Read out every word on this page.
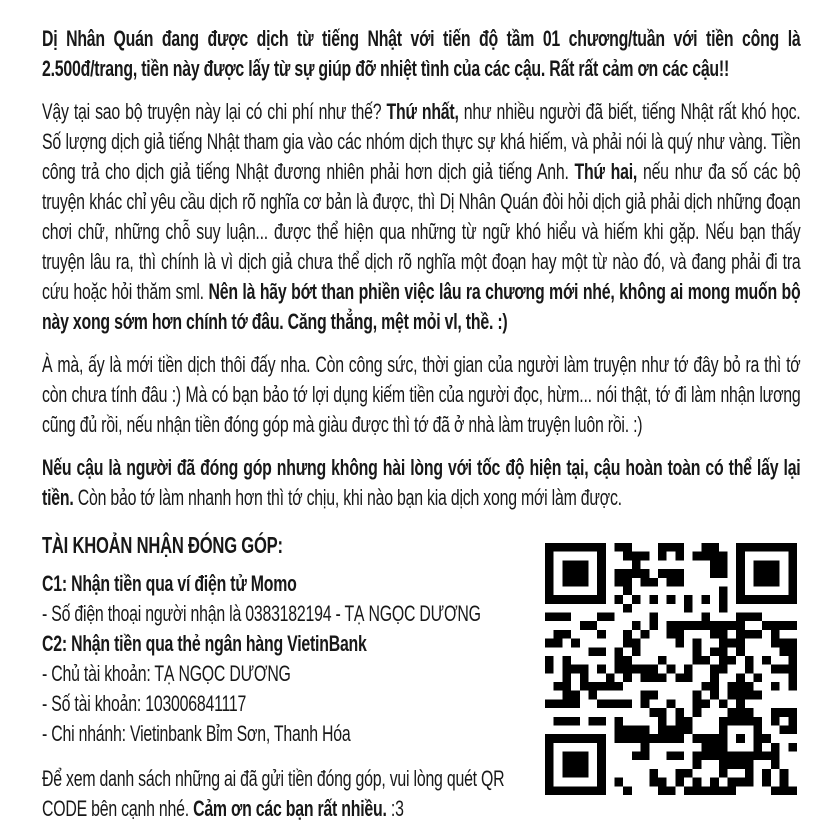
Dị Nhân Quán đang được dịch từ tiếng Nhật với tiến độ tầm 01 chương/tuần với tiền công là 2.500đ/trang, tiền này được lấy từ sự giúp đỡ nhiệt tình của các cậu. Rất rất cảm ơn các cậu!!

Vậy tại sao bộ truyện này lại có chi phí như thế? Thứ nhất, như nhiều người đã biết, tiếng Nhật rất khó học. Số lượng dịch giả tiếng Nhật tham gia vào các nhóm dịch thực sự khá hiếm, và phải nói là quý như vàng. Tiền công trả cho dịch giả tiếng Nhật đương nhiên phải hơn dịch giả tiếng Anh. Thứ hai, nếu như đa số các bộ truyện khác chỉ yêu cầu dịch rõ nghĩa cơ bản là được, thì Dị Nhân Quán đòi hỏi dịch giả phải dịch những đoạn chơi chữ, những chỗ suy luận... được thể hiện qua những từ ngữ khó hiểu và hiếm khi gặp. Nếu bạn thấy truyện lâu ra, thì chính là vì dịch giả chưa thể dịch rõ nghĩa một đoạn hay một từ nào đó, và đang phải đi tra cứu hoặc hỏi thăm sml. Nên là hãy bớt than phiền việc lâu ra chương mới nhé, không ai mong muốn bộ này xong sớm hơn chính tớ đâu. Căng thẳng, mệt mỏi vl, thề. :)

À mà, ấy là mới tiền dịch thôi đấy nha. Còn công sức, thời gian của người làm truyện như tớ đây bỏ ra thì tớ còn chưa tính đâu :) Mà có bạn bảo tớ lợi dụng kiếm tiền của người đọc, hừm... nói thật, tớ đi làm nhận lương cũng đủ rồi, nếu nhận tiền đóng góp mà giàu được thì tớ đã ở nhà làm truyện luôn rồi. :)

Nếu cậu là người đã đóng góp nhưng không hài lòng với tốc độ hiện tại, cậu hoàn toàn có thể lấy lại tiền. Còn bảo tớ làm nhanh hơn thì tớ chịu, khi nào bạn kia dịch xong mới làm được.

TÀI KHOẢN NHẬN ĐÓNG GÓP:
C1: Nhận tiền qua ví điện tử Momo
- Số điện thoại người nhận là 0383182194 - TẠ NGỌC DƯƠNG
C2: Nhận tiền qua thẻ ngân hàng VietinBank
- Chủ tài khoản: TẠ NGỌC DƯƠNG
- Số tài khoản: 103006841117
- Chi nhánh: Vietinbank Bỉm Sơn, Thanh Hóa

Để xem danh sách những ai đã gửi tiền đóng góp, vui lòng quét QR CODE bên cạnh nhé. Cảm ơn các bạn rất nhiều. :3
